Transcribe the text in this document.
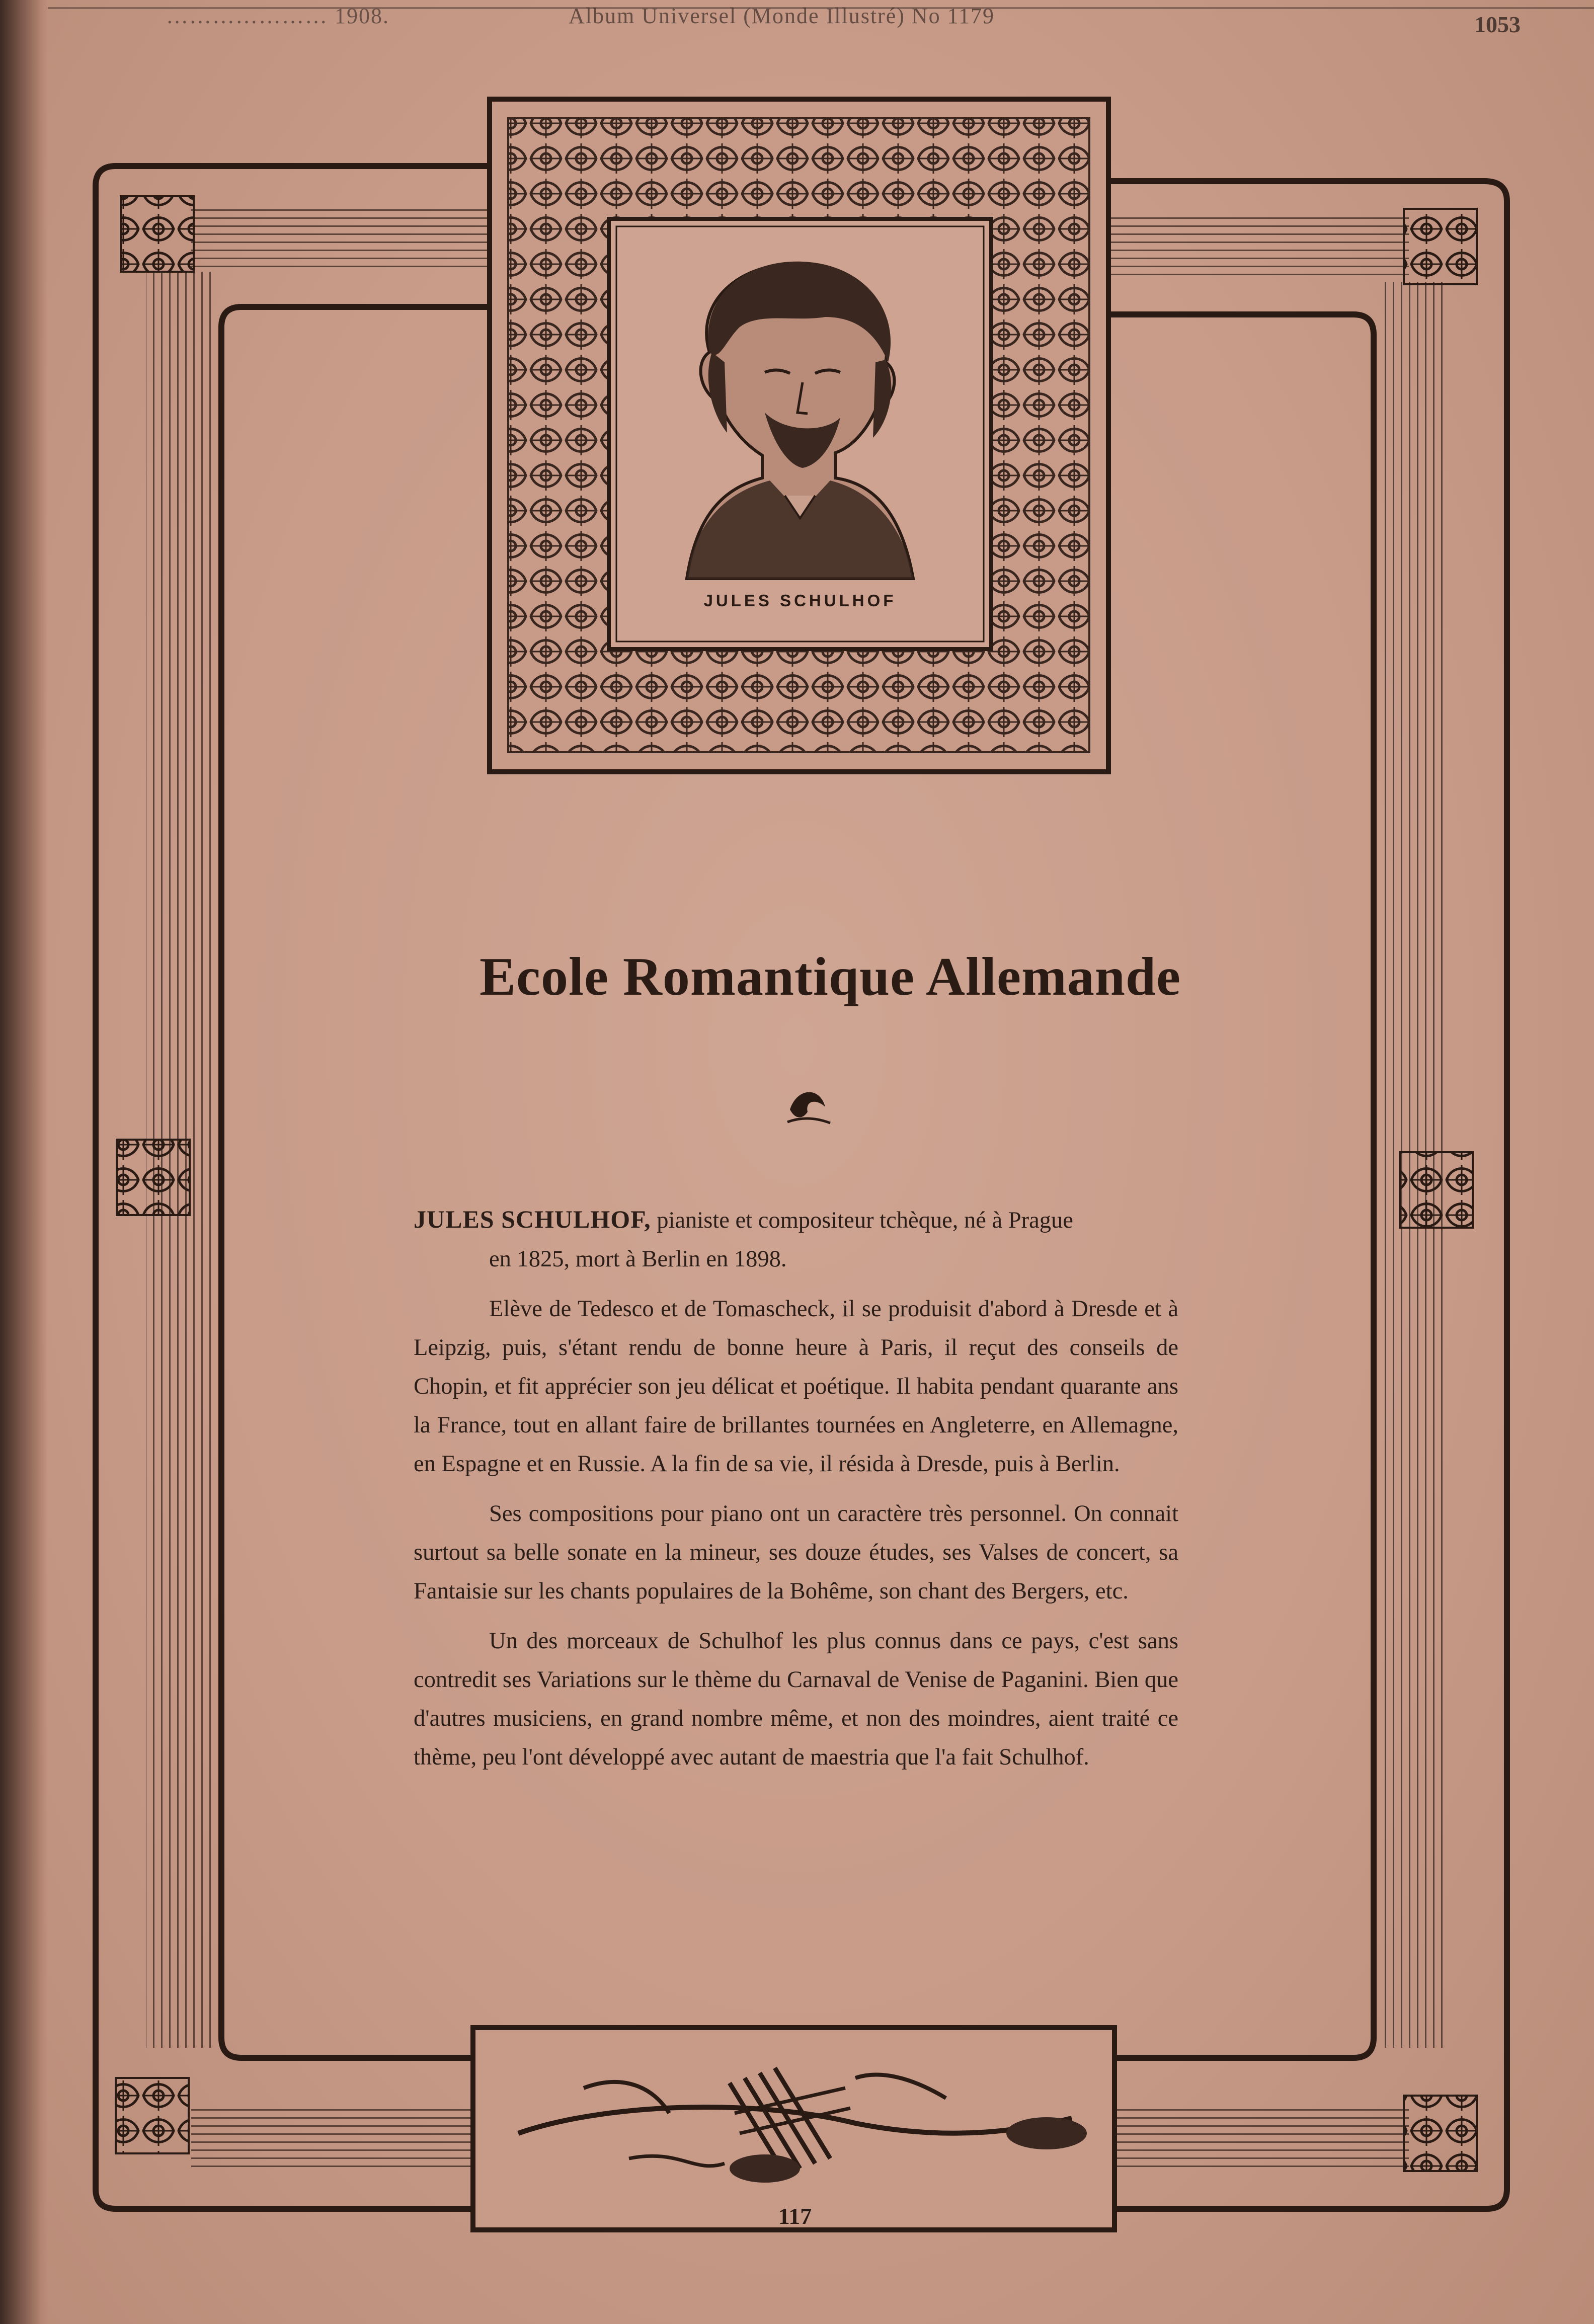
………………… 1908.	Album Universel (Monde Illustré) No 1179	1053
JULES SCHULHOF
Ecole Romantique Allemande

JULES SCHULHOF, pianiste et compositeur tchèque, né à Prague
en 1825, mort à Berlin en 1898.

Elève de Tedesco et de Tomascheck, il se produisit d'abord à Dresde et à Leipzig, puis, s'étant rendu de bonne heure à Paris, il reçut des conseils de Chopin, et fit apprécier son jeu délicat et poétique. Il habita pendant quarante ans la France, tout en allant faire de brillantes tournées en Angleterre, en Allemagne, en Espagne et en Russie. A la fin de sa vie, il résida à Dresde, puis à Berlin.

Ses compositions pour piano ont un caractère très personnel. On connait surtout sa belle sonate en la mineur, ses douze études, ses Valses de concert, sa Fantaisie sur les chants populaires de la Bohême, son chant des Bergers, etc.

Un des morceaux de Schulhof les plus connus dans ce pays, c'est sans contredit ses Variations sur le thème du Carnaval de Venise de Paganini. Bien que d'autres musiciens, en grand nombre même, et non des moindres, aient traité ce thème, peu l'ont développé avec autant de maestria que l'a fait Schulhof.

117
